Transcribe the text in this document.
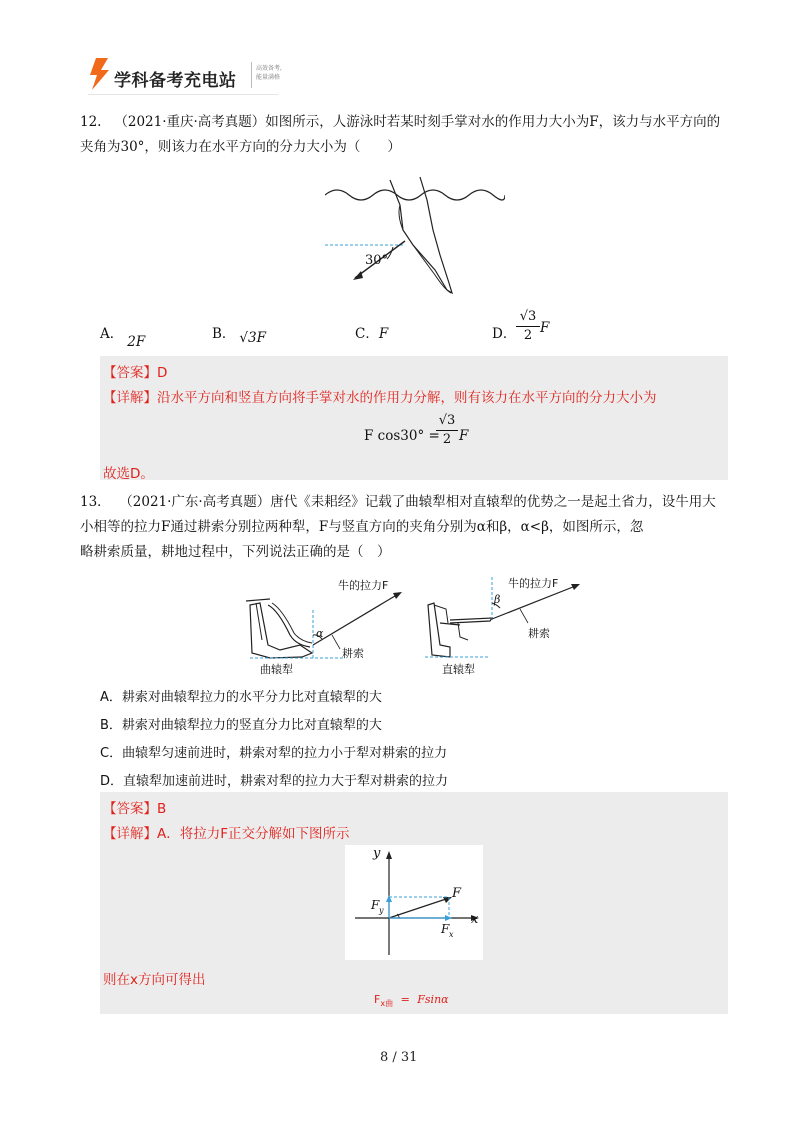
学科备考充电站
高效备考,
能量满格
12. （2021·重庆·高考真题）如图所示，人游泳时若某时刻手掌对水的作用力大小为F，该力与水平方向的
夹角为30°，则该力在水平方向的分力大小为（　　）
30°
A． 2F	B． √3F	C．F	D．
√3
2 F
【答案】D
【详解】沿水平方向和竖直方向将手掌对水的作用力分解，则有该力在水平方向的分力大小为
F cos30° =
√3
2 F
故选D。
13． （2021·广东·高考真题）唐代《耒耜经》记载了曲辕犁相对直辕犁的优势之一是起土省力，设牛用大
小相等的拉力F通过耕索分别拉两种犁，F与竖直方向的夹角分别为α和β，α<β，如图所示，忽
略耕索质量，耕地过程中，下列说法正确的是（　）
α
牛的拉力F
耕索
曲辕犁
β
牛的拉力F
耕索
直辕犁
A．耕索对曲辕犁拉力的水平分力比对直辕犁的大
B．耕索对曲辕犁拉力的竖直分力比对直辕犁的大
C．曲辕犁匀速前进时，耕索对犁的拉力小于犁对耕索的拉力
D．直辕犁加速前进时，耕索对犁的拉力大于犁对耕索的拉力
【答案】B
【详解】A．将拉力F正交分解如下图所示
y
x
F
F y
F x
则在x方向可得出
$F_{x曲} = Fsin\alpha$
8 / 31
